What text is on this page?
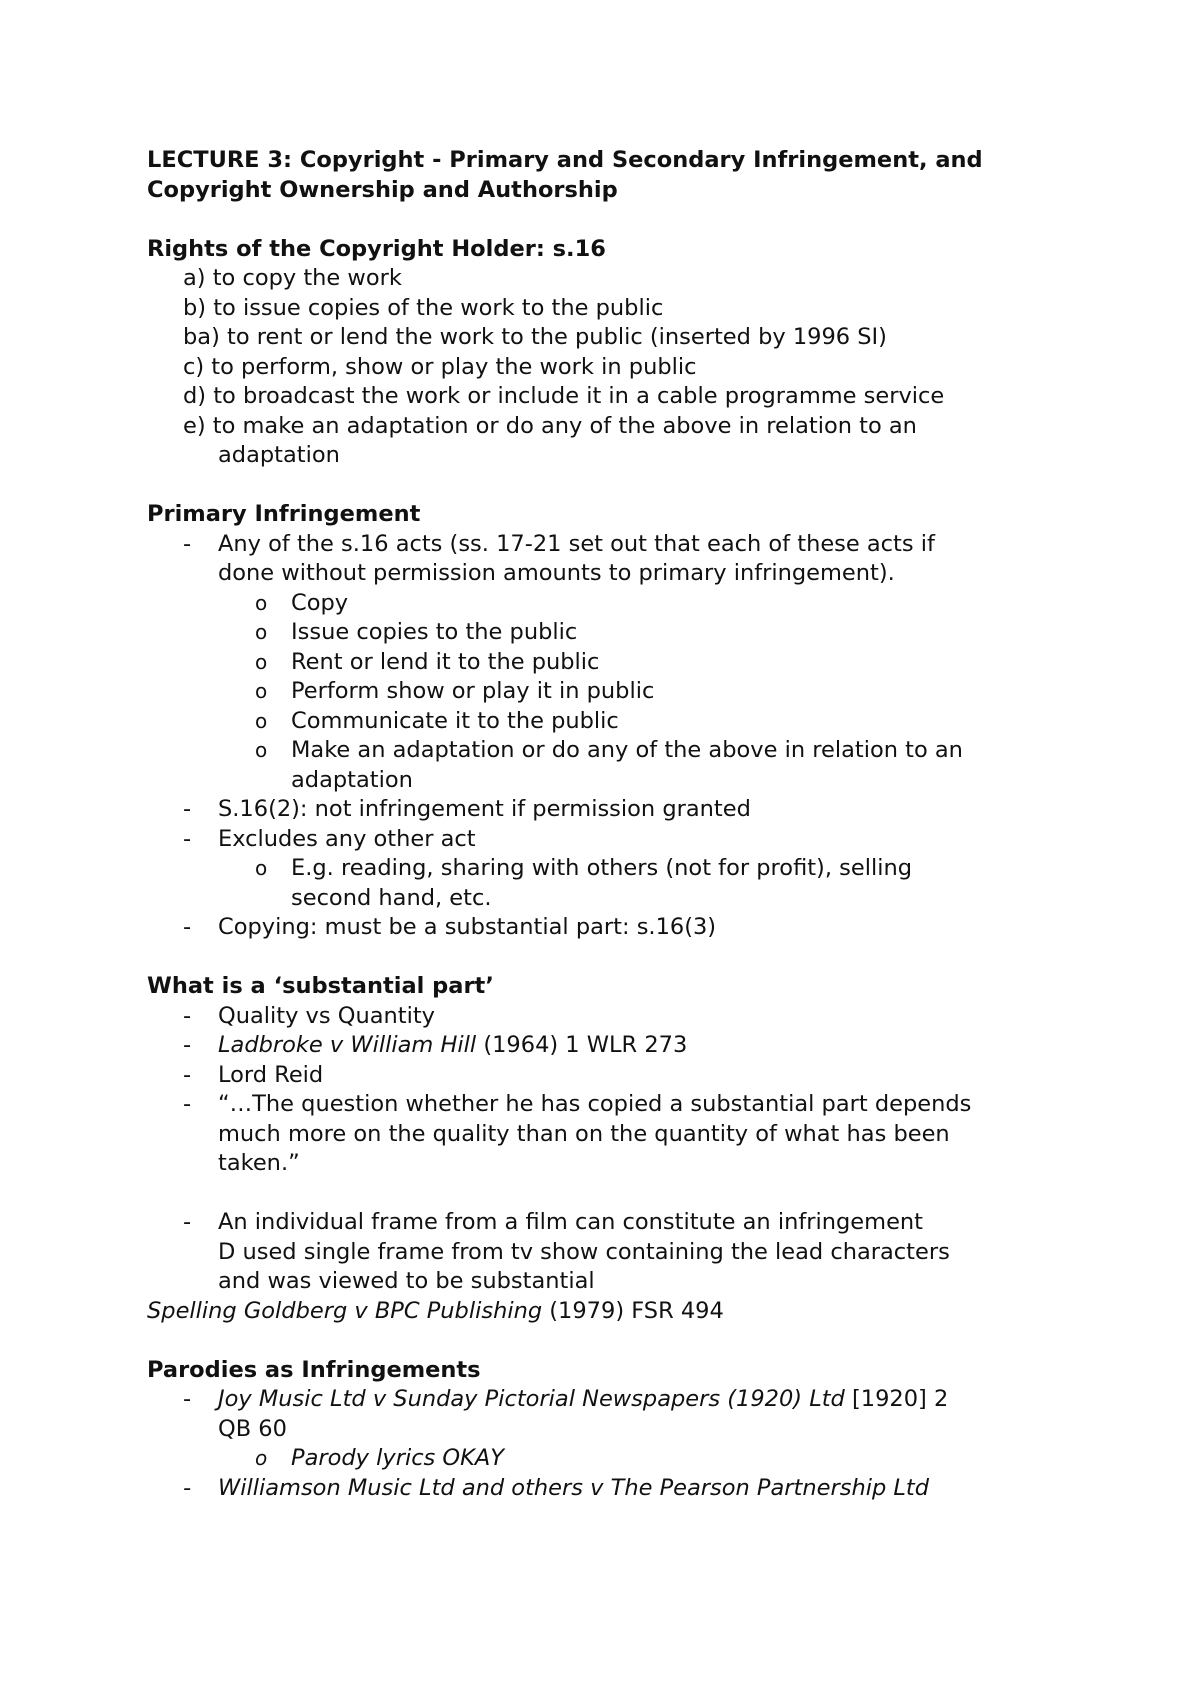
LECTURE 3: Copyright - Primary and Secondary Infringement, and
Copyright Ownership and Authorship
Rights of the Copyright Holder: s.16
a) to copy the work
b) to issue copies of the work to the public
ba) to rent or lend the work to the public (inserted by 1996 SI)
c) to perform, show or play the work in public
d) to broadcast the work or include it in a cable programme service
e) to make an adaptation or do any of the above in relation to an
adaptation
Primary Infringement
- Any of the s.16 acts (ss. 17-21 set out that each of these acts if
done without permission amounts to primary infringement).
o Copy
o Issue copies to the public
o Rent or lend it to the public
o Perform show or play it in public
o Communicate it to the public
o Make an adaptation or do any of the above in relation to an
adaptation
- S.16(2): not infringement if permission granted
- Excludes any other act
o E.g. reading, sharing with others (not for profit), selling
second hand, etc.
- Copying: must be a substantial part: s.16(3)
What is a ‘substantial part’
- Quality vs Quantity
- Ladbroke v William Hill (1964) 1 WLR 273
- Lord Reid
- “…The question whether he has copied a substantial part depends
much more on the quality than on the quantity of what has been
taken.”
- An individual frame from a film can constitute an infringement
D used single frame from tv show containing the lead characters
and was viewed to be substantial
Spelling Goldberg v BPC Publishing (1979) FSR 494
Parodies as Infringements
- Joy Music Ltd v Sunday Pictorial Newspapers (1920) Ltd [1920] 2
QB 60
o Parody lyrics OKAY
- Williamson Music Ltd and others v The Pearson Partnership Ltd
